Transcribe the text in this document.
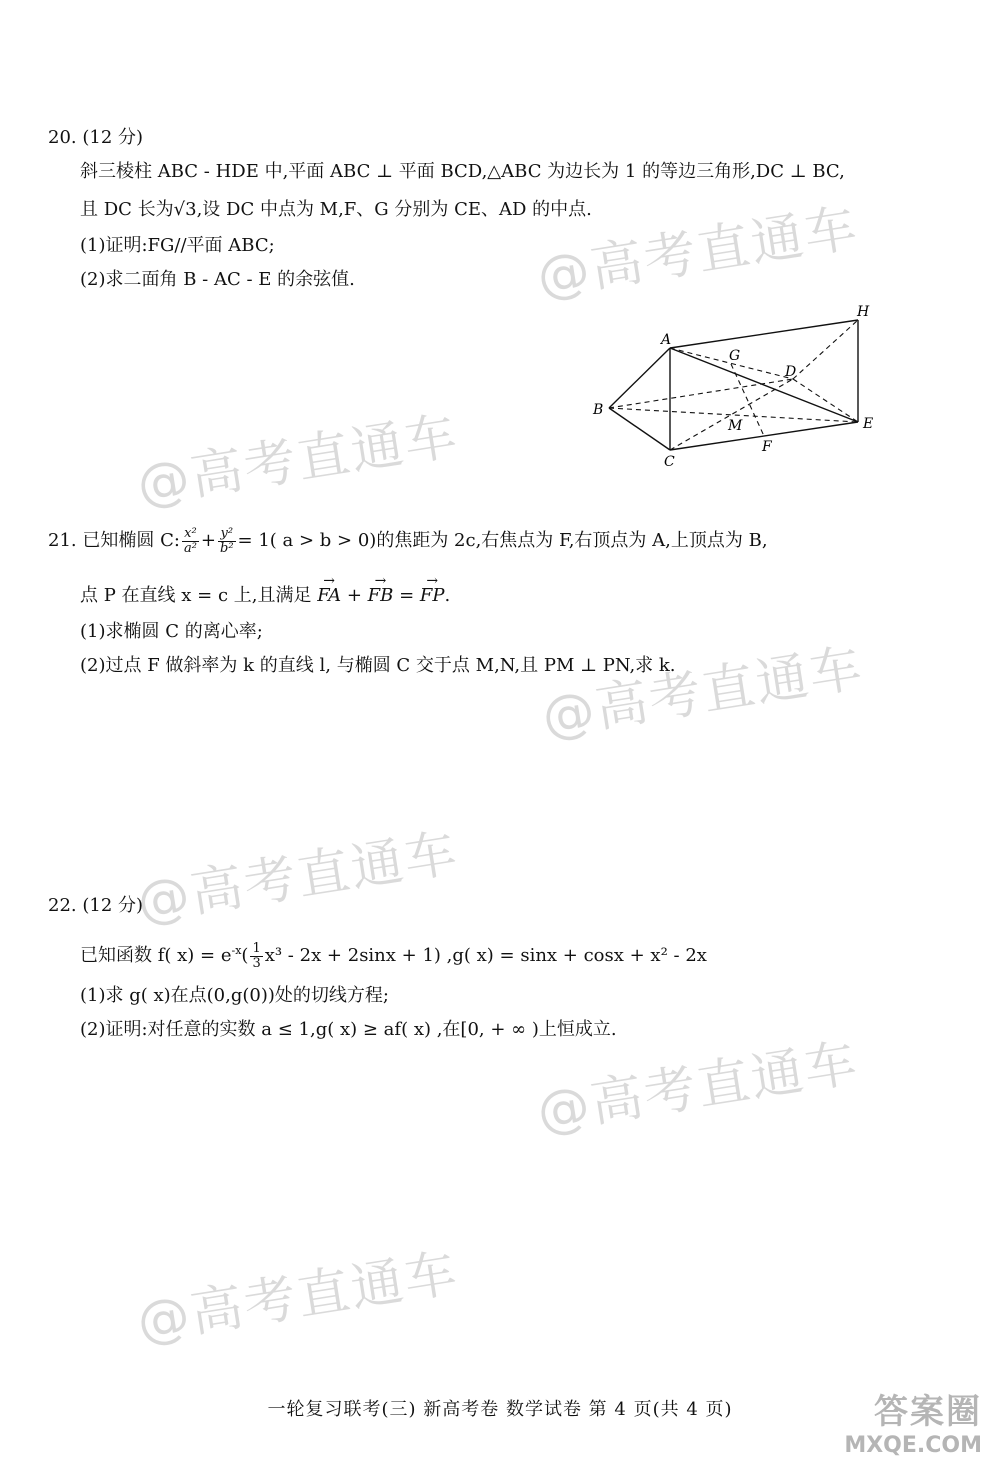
@高考直通车
@高考直通车
@高考直通车
@高考直通车
@高考直通车
@高考直通车
20. (12 分)
斜三棱柱 ABC - HDE 中,平面 ABC ⊥ 平面 BCD,△ABC 为边长为 1 的等边三角形,DC ⊥ BC,
且 DC 长为√3,设 DC 中点为 M,F、G 分别为 CE、AD 的中点.
(1)证明:FG//平面 ABC;
(2)求二面角 B - AC - E 的余弦值.
A
B
C
D
E
F
G
H
M
21. 已知椭圆 C: $\frac{\text{x²}}{\text{a²}} + \frac{\text{y²}}{\text{b²}} = 1$( a > b > 0)的焦距为 2c,右焦点为 F,右顶点为 A,上顶点为 B,
点 P 在直线 x = c 上,且满足 → FA + → FB = → FP.
(1)求椭圆 C 的离心率;
(2)过点 F 做斜率为 k 的直线 l, 与椭圆 C 交于点 M,N,且 PM ⊥ PN,求 k.
22. (12 分)
已知函数 f( $x) = e^{-x}( \frac{1}{3} x^3 - 2x + 2\sin x + 1)$ ,g( x) = sinx + cosx + x² - 2x
(1)求 g( x)在点(0,g(0))处的切线方程;
(2)证明:对任意的实数 a ≤ 1,g( x) ≥ af( x) ,在[0, + ∞ )上恒成立.
一轮复习联考(三) 新高考卷 数学试卷 第 4 页(共 4 页)	答案圈
MXQE.COM
